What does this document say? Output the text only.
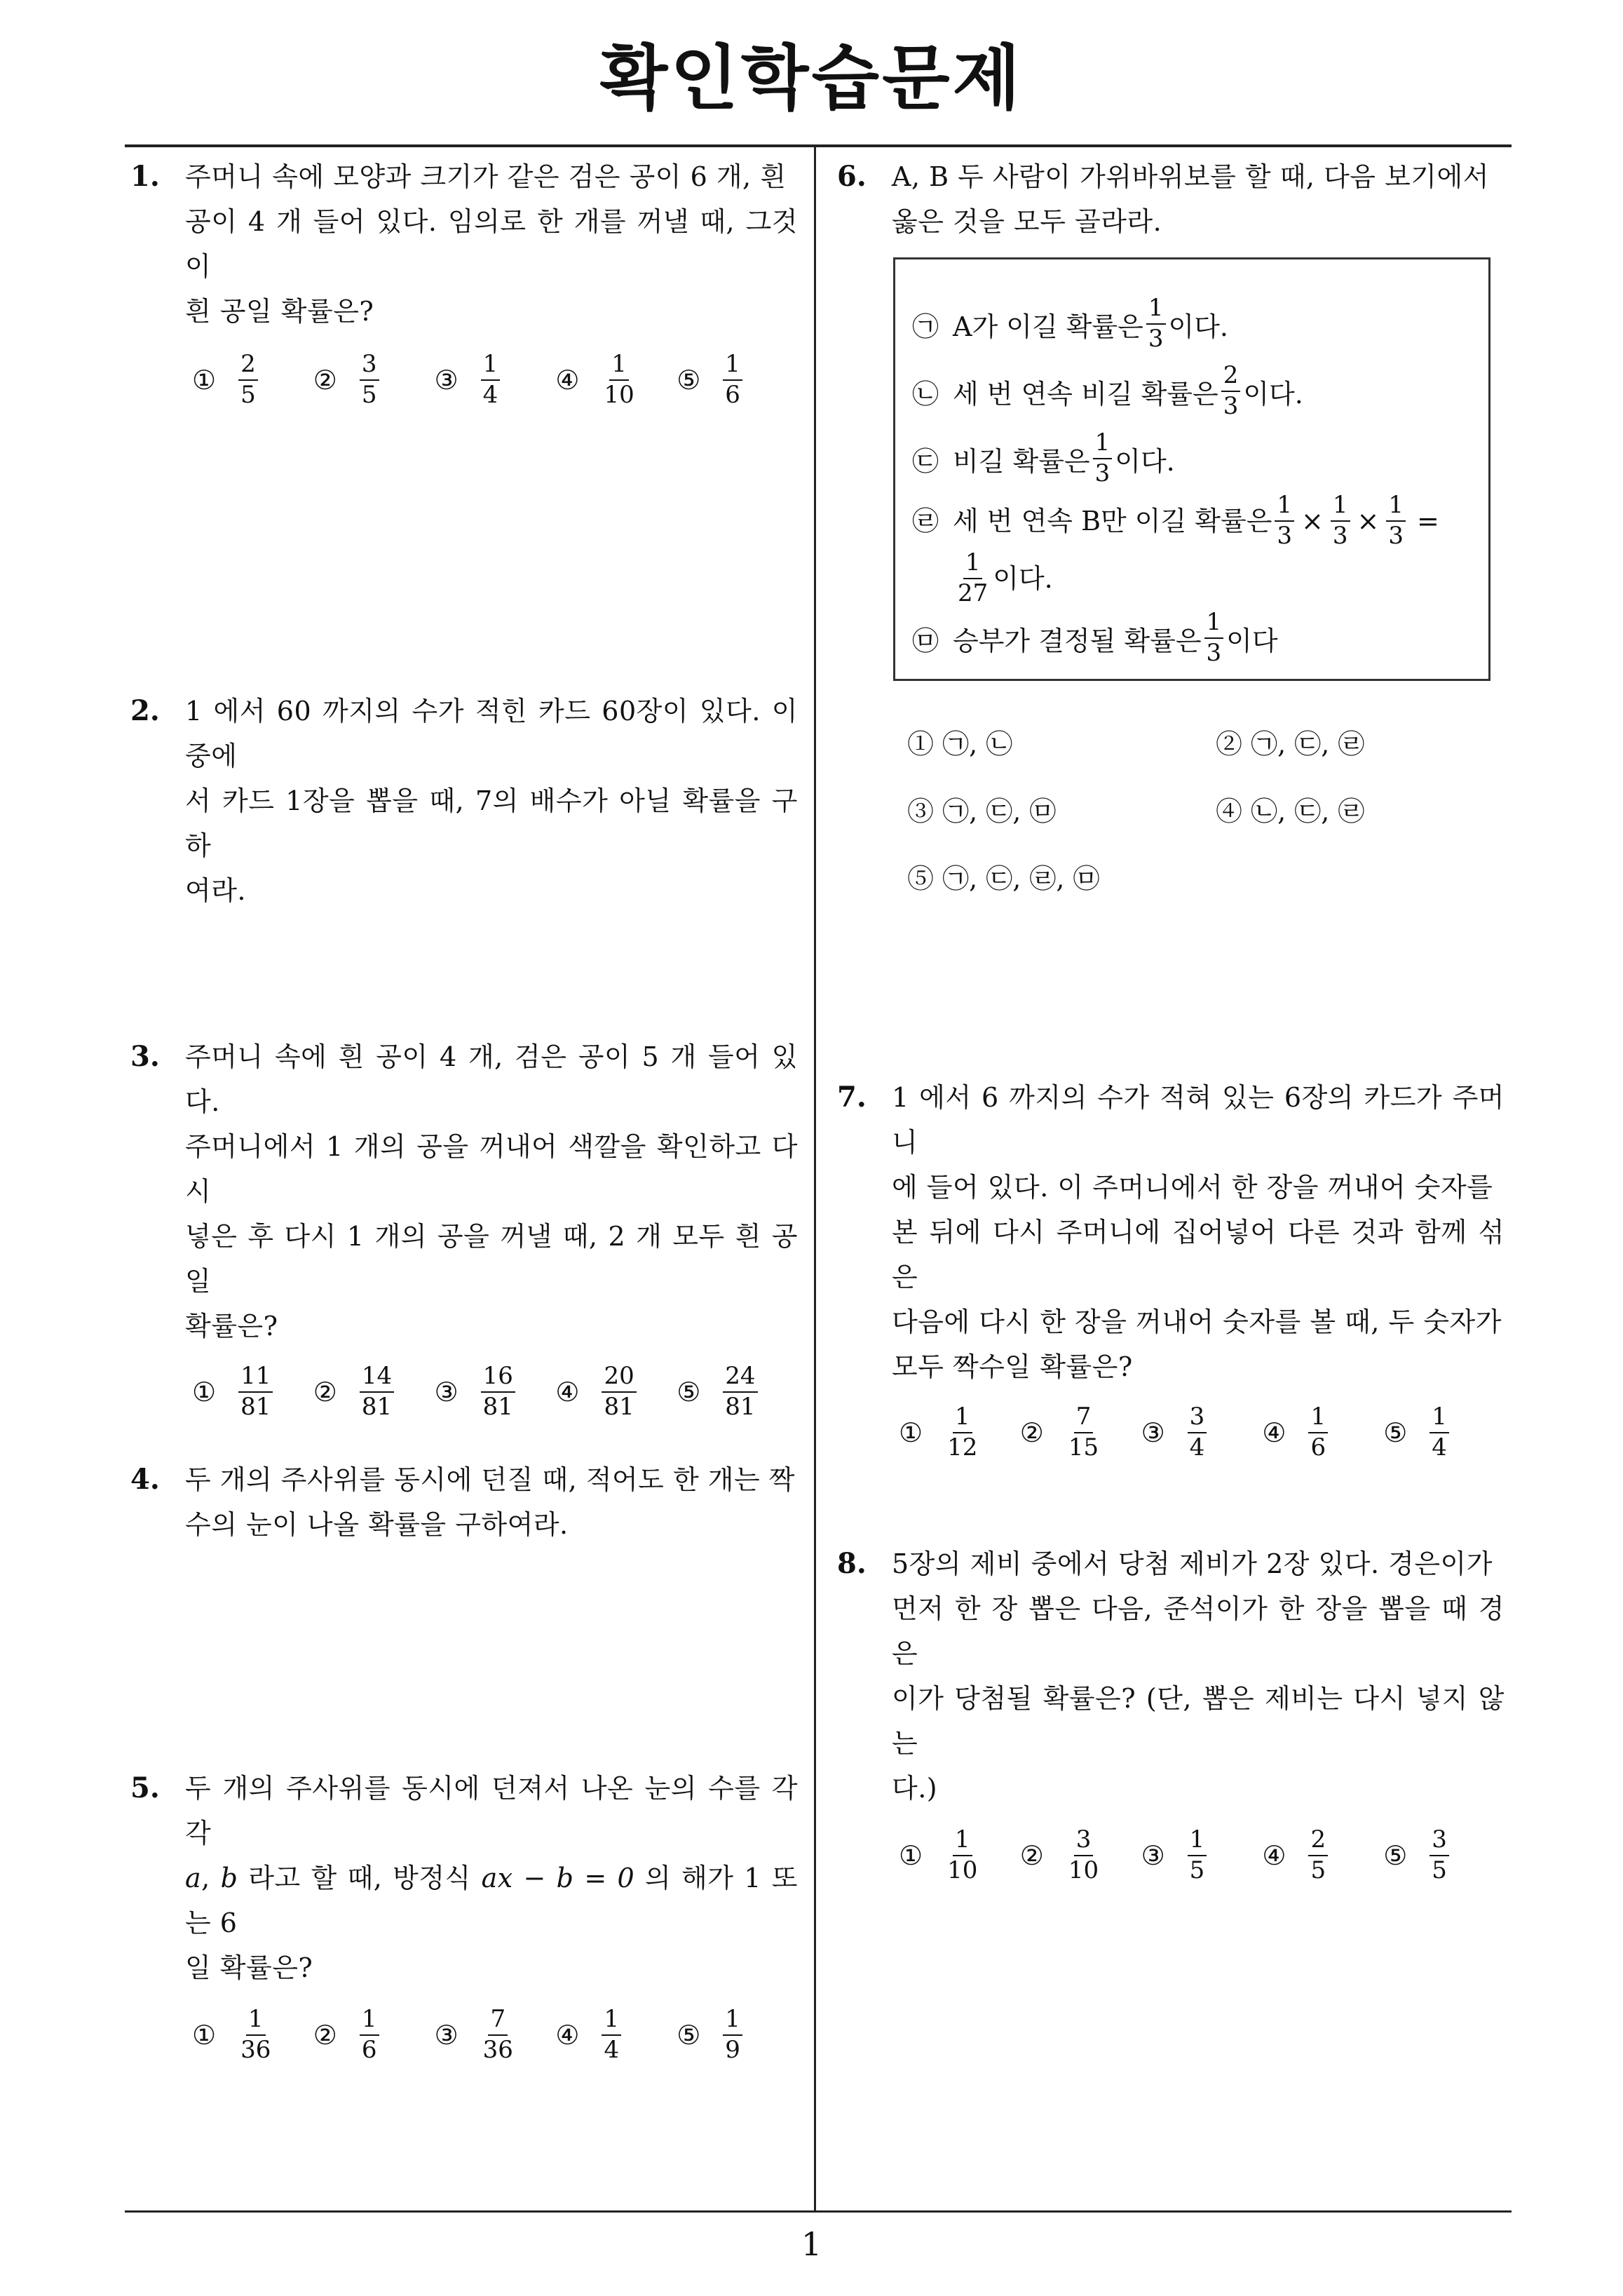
확인학습문제
1
1. 주머니 속에 모양과 크기가 같은 검은 공이 6 개, 흰
공이 4 개 들어 있다. 임의로 한 개를 꺼낼 때, 그것이
흰 공일 확률은?
① $\frac{2}{5}$ ② $\frac{3}{5}$ ③ $\frac{1}{4}$ ④ $\frac{1}{10}$ ⑤ $\frac{1}{6}$
2. 1 에서 60 까지의 수가 적힌 카드 60장이 있다. 이 중에
서 카드 1장을 뽑을 때, 7의 배수가 아닐 확률을 구하
여라.
3. 주머니 속에 흰 공이 4 개, 검은 공이 5 개 들어 있다.
주머니에서 1 개의 공을 꺼내어 색깔을 확인하고 다시
넣은 후 다시 1 개의 공을 꺼낼 때, 2 개 모두 흰 공일
확률은?
① $\frac{11}{81}$ ② $\frac{14}{81}$ ③ $\frac{16}{81}$ ④ $\frac{20}{81}$ ⑤ $\frac{24}{81}$
4. 두 개의 주사위를 동시에 던질 때, 적어도 한 개는 짝
수의 눈이 나올 확률을 구하여라.
5. 두 개의 주사위를 동시에 던져서 나온 눈의 수를 각각
a, b 라고 할 때, 방정식 ax − b = 0 의 해가 1 또는 6
일 확률은?
① $\frac{1}{36}$ ② $\frac{1}{6}$ ③ $\frac{7}{36}$ ④ $\frac{1}{4}$ ⑤ $\frac{1}{9}$
6. A, B 두 사람이 가위바위보를 할 때, 다음 보기에서
옳은 것을 모두 골라라.
㉠ A가 이길 확률은 $\frac{1}{3}$ 이다.
㉡ 세 번 연속 비길 확률은 $\frac{2}{3}$ 이다.
㉢ 비길 확률은 $\frac{1}{3}$ 이다.
㉣ 세 번 연속 B만 이길 확률은 $\frac{1}{3} \times \frac{1}{3} \times \frac{1}{3}$ =
$\frac{1}{27}$ 이다.
㉤ 승부가 결정될 확률은 $\frac{1}{3}$ 이다
① ㉠, ㉡	② ㉠, ㉢, ㉣
③ ㉠, ㉢, ㉤	④ ㉡, ㉢, ㉣
⑤ ㉠, ㉢, ㉣, ㉤
7. 1 에서 6 까지의 수가 적혀 있는 6장의 카드가 주머니
에 들어 있다. 이 주머니에서 한 장을 꺼내어 숫자를
본 뒤에 다시 주머니에 집어넣어 다른 것과 함께 섞은
다음에 다시 한 장을 꺼내어 숫자를 볼 때, 두 숫자가
모두 짝수일 확률은?
① $\frac{1}{12}$ ② $\frac{7}{15}$ ③ $\frac{3}{4}$ ④ $\frac{1}{6}$ ⑤ $\frac{1}{4}$
8. 5장의 제비 중에서 당첨 제비가 2장 있다. 경은이가
먼저 한 장 뽑은 다음, 준석이가 한 장을 뽑을 때 경은
이가 당첨될 확률은? (단, 뽑은 제비는 다시 넣지 않는
다.)
① $\frac{1}{10}$ ② $\frac{3}{10}$ ③ $\frac{1}{5}$ ④ $\frac{2}{5}$ ⑤ $\frac{3}{5}$
